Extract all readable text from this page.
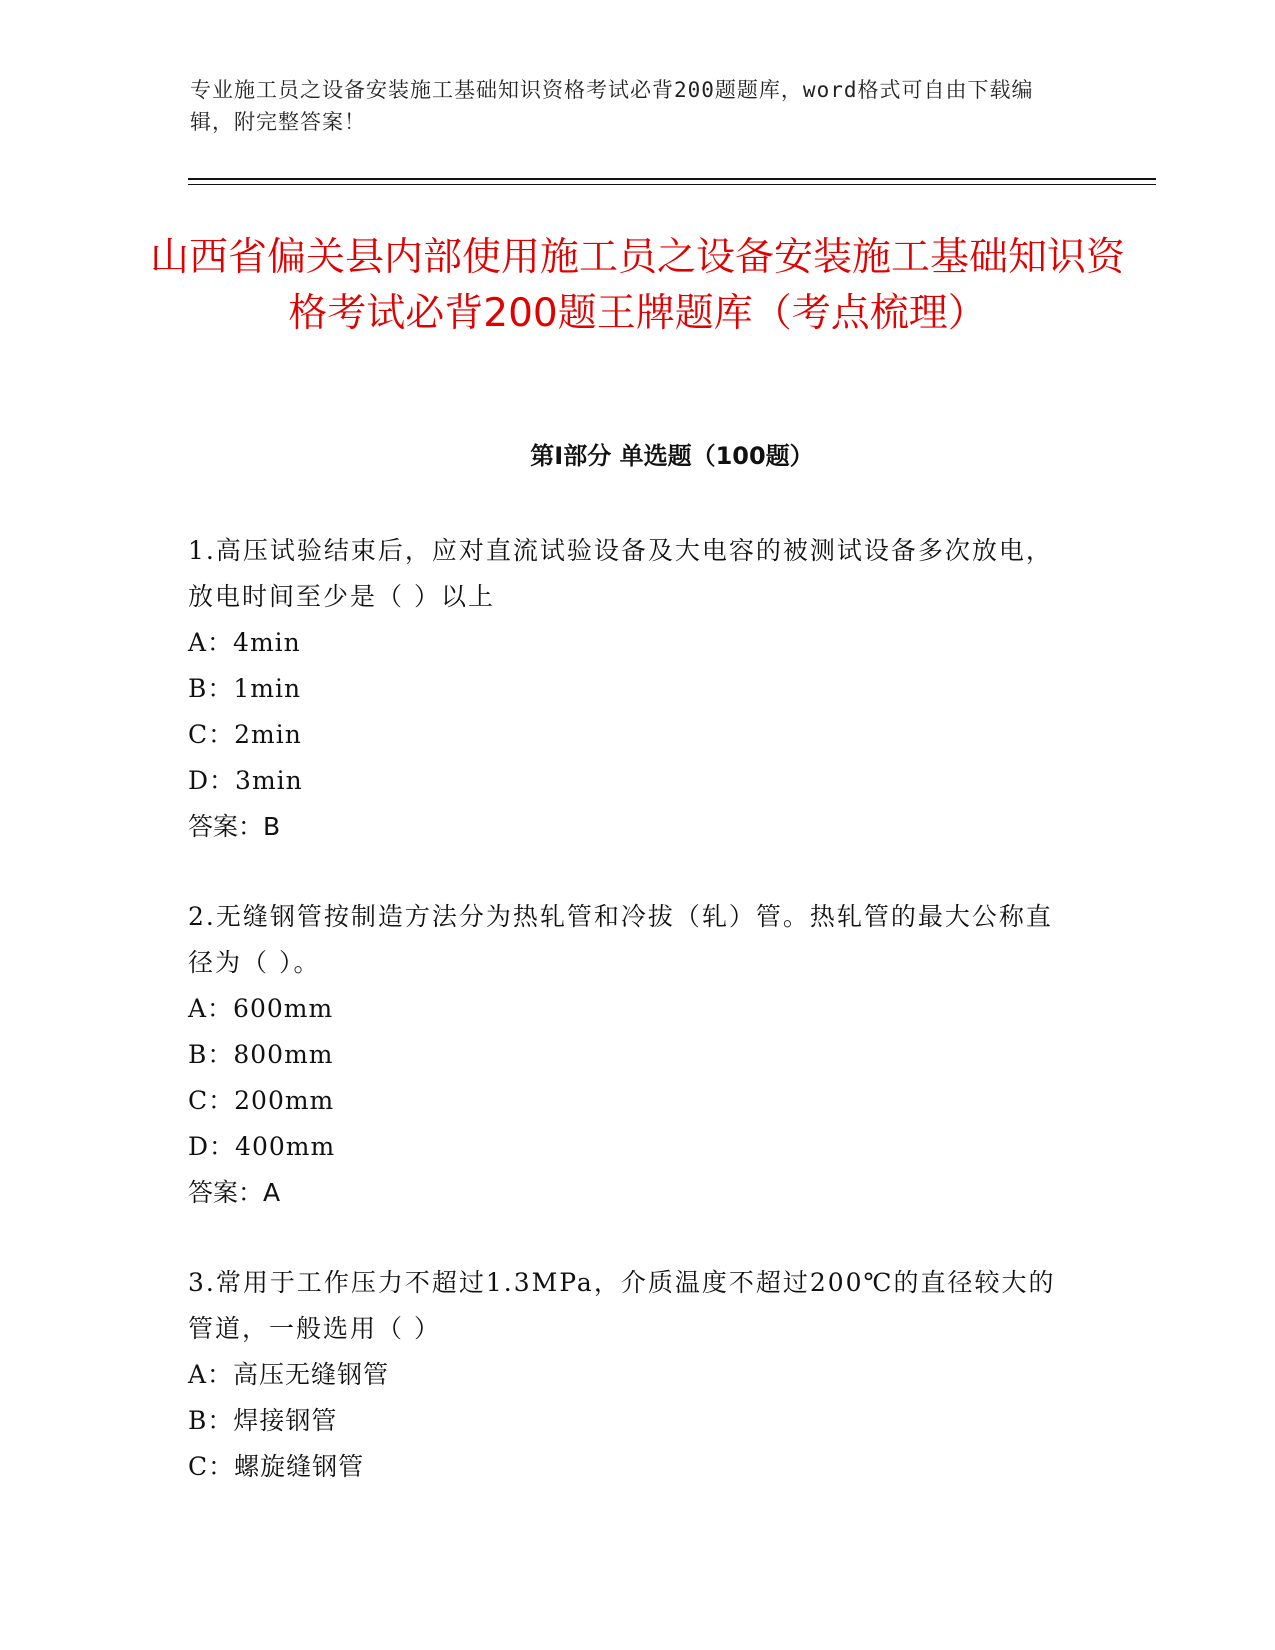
专业施工员之设备安装施工基础知识资格考试必背200题题库，word格式可自由下载编辑，附完整答案！
山西省偏关县内部使用施工员之设备安装施工基础知识资格考试必背200题王牌题库（考点梳理）
第Ⅰ部分 单选题（100题）
1.高压试验结束后，应对直流试验设备及大电容的被测试设备多次放电，放电时间至少是（ ）以上
A：4min
B：1min
C：2min
D：3min
答案：B
2.无缝钢管按制造方法分为热轧管和冷拔（轧）管。热轧管的最大公称直径为（ ）。
A：600mm
B：800mm
C：200mm
D：400mm
答案：A
3.常用于工作压力不超过1.3MPa，介质温度不超过200℃的直径较大的管道，一般选用（ ）
A：高压无缝钢管
B：焊接钢管
C：螺旋缝钢管
